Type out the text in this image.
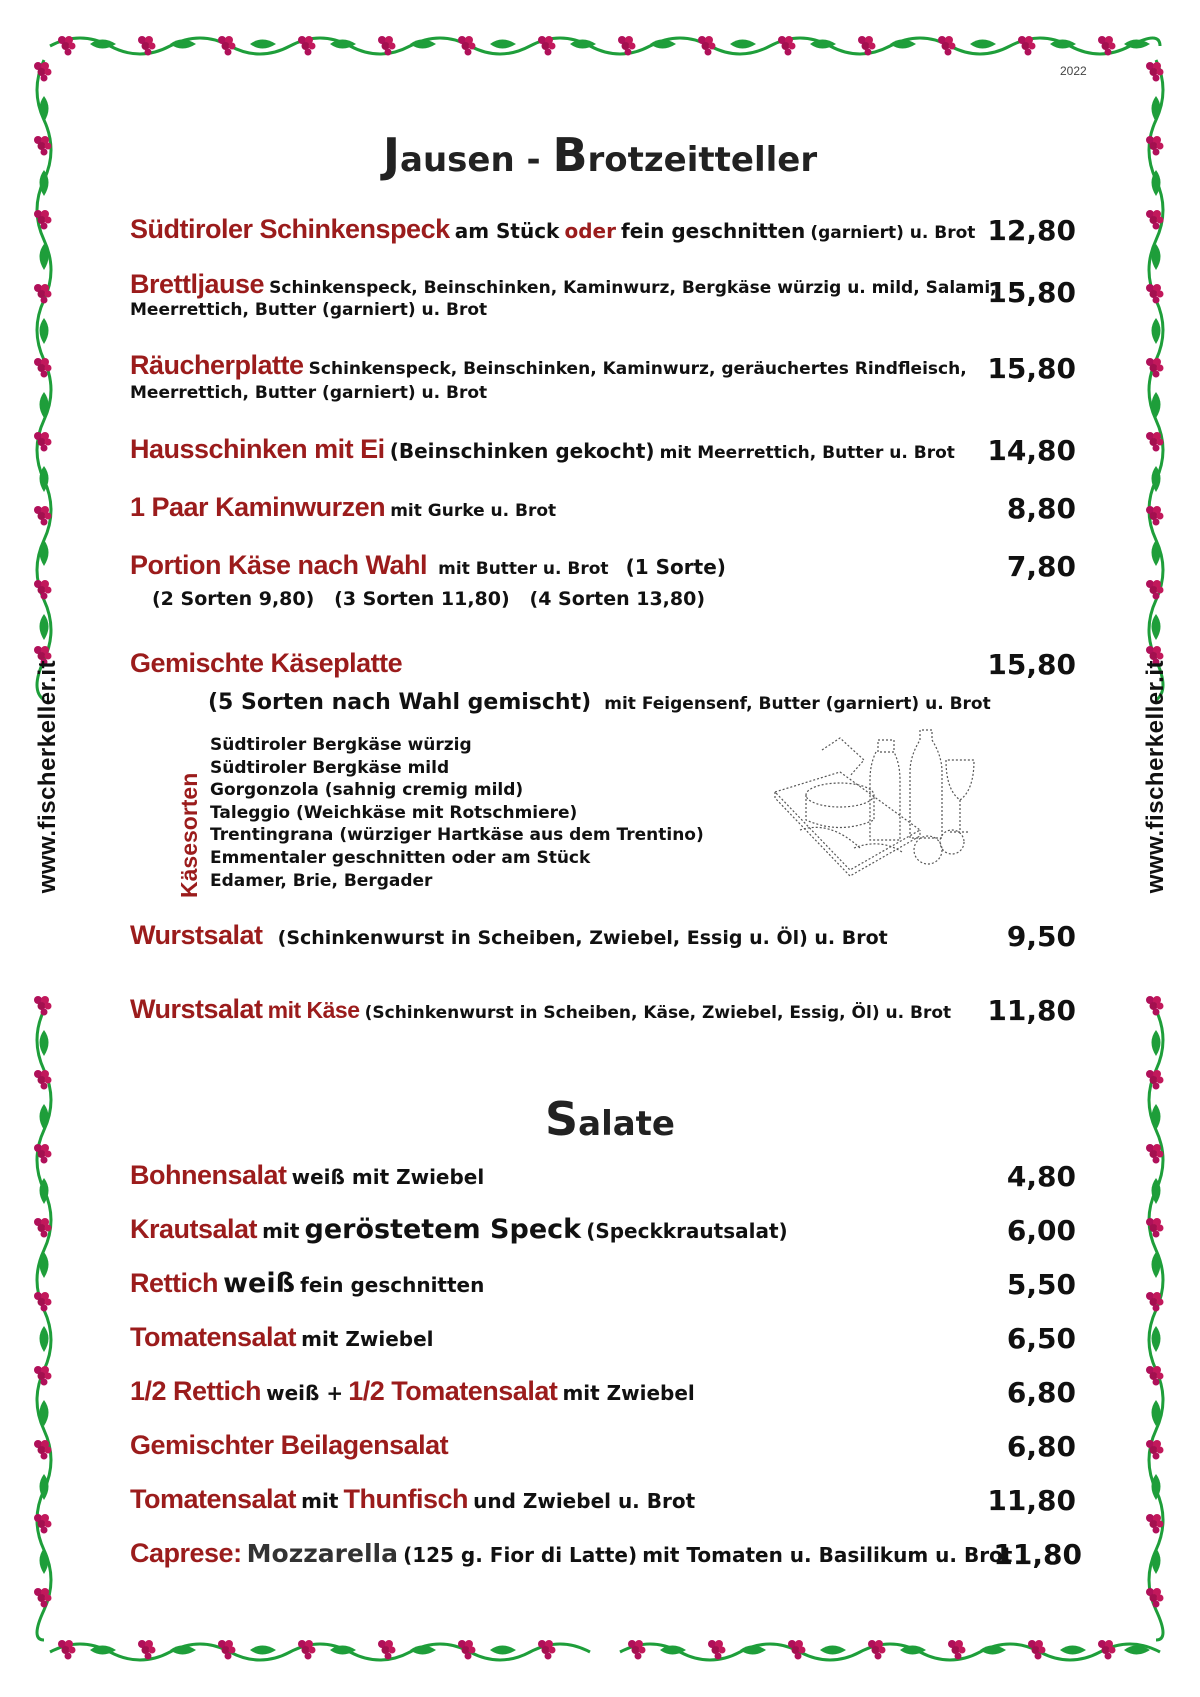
2022
www.fischerkeller.it	www.fischerkeller.it
Jausen - Brotzeitteller
Südtiroler Schinkenspeck am Stück oder fein geschnitten (garniert) u. Brot 12,80
Brettljause Schinkenspeck, Beinschinken, Kaminwurz, Bergkäse würzig u. mild, Salami,
Meerrettich, Butter (garniert) u. Brot
15,80
Räucherplatte Schinkenspeck, Beinschinken, Kaminwurz, geräuchertes Rindfleisch,
Meerrettich, Butter (garniert) u. Brot
15,80
Hausschinken mit Ei (Beinschinken gekocht) mit Meerrettich, Butter u. Brot	14,80
1 Paar Kaminwurzen mit Gurke u. Brot	8,80
Portion Käse nach Wahl mit Butter u. Brot (1 Sorte)
(2 Sorten 9,80)   (3 Sorten 11,80)   (4 Sorten 13,80)
7,80
Gemischte Käseplatte	15,80
(5 Sorten nach Wahl gemischt) mit Feigensenf, Butter (garniert) u. Brot
Käsesorten
Südtiroler Bergkäse würzig
Südtiroler Bergkäse mild
Gorgonzola (sahnig cremig mild)
Taleggio (Weichkäse mit Rotschmiere)
Trentingrana (würziger Hartkäse aus dem Trentino)
Emmentaler geschnitten oder am Stück
Edamer, Brie, Bergader
Wurstsalat (Schinkenwurst in Scheiben, Zwiebel, Essig u. Öl) u. Brot	9,50
Wurstsalat mit Käse (Schinkenwurst in Scheiben, Käse, Zwiebel, Essig, Öl) u. Brot	11,80
Salate
Bohnensalat weiß mit Zwiebel	4,80
Krautsalat mit geröstetem Speck (Speckkrautsalat)	6,00
Rettich weiß fein geschnitten	5,50
Tomatensalat mit Zwiebel	6,50
1/2 Rettich weiß + 1/2 Tomatensalat mit Zwiebel	6,80
Gemischter Beilagensalat	6,80
Tomatensalat mit Thunfisch und Zwiebel u. Brot	11,80
Caprese: Mozzarella (125 g. Fior di Latte) mit Tomaten u. Basilikum u. Brot
11,80
